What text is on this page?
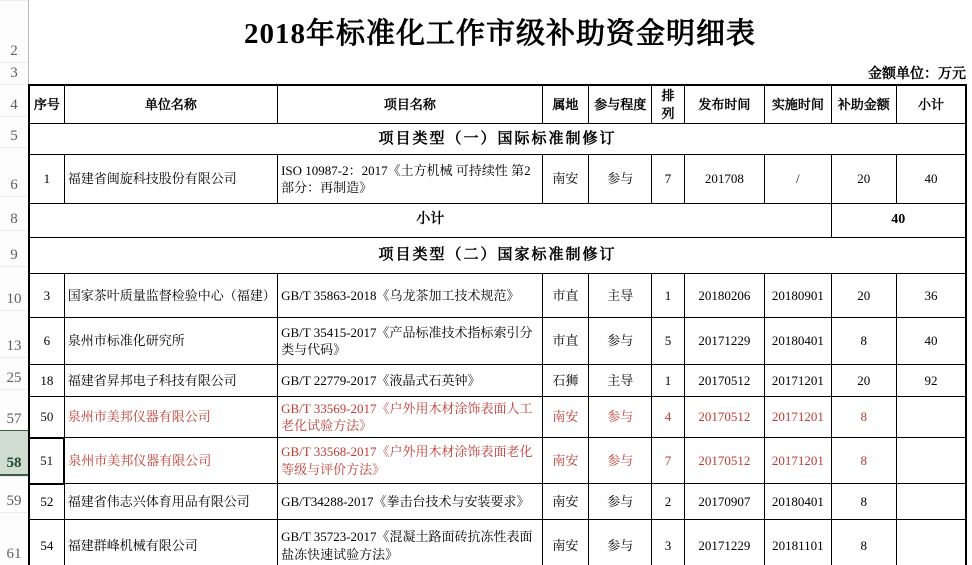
2
3
4
5
6
8
9
10
13
25
57
58
59
61
2018年标准化工作市级补助资金明细表
金额单位：万元
序号	单位名称	项目名称	属地	参与程度	排列	发布时间	实施时间	补助金额	小计
项目类型（一）国际标准制修订									
1	福建省闽旋科技股份有限公司	ISO 10987-2：2017《土方机械 可持续性 第2部分：再制造》	南安	参与	7	201708	/	20	40
小计								40	
项目类型（二）国家标准制修订									
3	国家茶叶质量监督检验中心（福建）	GB/T 35863-2018《乌龙茶加工技术规范》	市直	主导	1	20180206	20180901	20	36
6	泉州市标准化研究所	GB/T 35415-2017《产品标准技术指标索引分类与代码》	市直	参与	5	20171229	20180401	8	40
18	福建省昇邦电子科技有限公司	GB/T 22779-2017《液晶式石英钟》	石狮	主导	1	20170512	20171201	20	92
50	泉州市美邦仪器有限公司	GB/T 33569-2017《户外用木材涂饰表面人工老化试验方法》	南安	参与	4	20170512	20171201	8	
51	泉州市美邦仪器有限公司	GB/T 33568-2017《户外用木材涂饰表面老化等级与评价方法》	南安	参与	7	20170512	20171201	8	
52	福建省伟志兴体育用品有限公司	GB/T34288-2017《拳击台技术与安装要求》	南安	参与	2	20170907	20180401	8	
54	福建群峰机械有限公司	GB/T 35723-2017《混凝土路面砖抗冻性表面盐冻快速试验方法》	南安	参与	3	20171229	20181101	8	
